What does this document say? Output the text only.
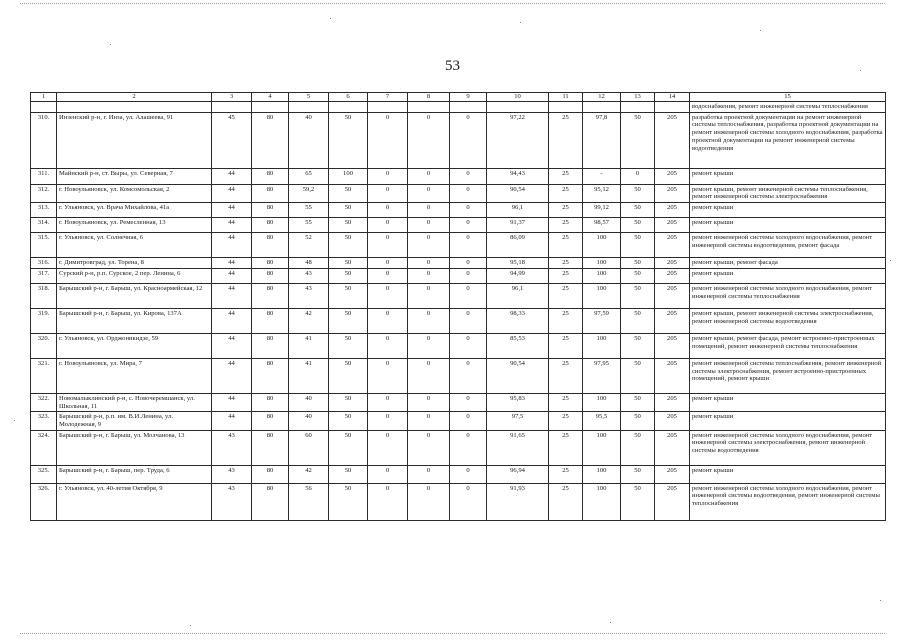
53
1	2	3	4	5	6	7	8	9	10	11	12	13	14	15
														водоснабжения, ремонт инженерной системы теплоснабжения
310.	Инзенский р-н, г. Инза, ул. Алашеева, 91	45	80	40	50	0	0	0	97,22	25	97,8	50	205	разработка проектной документации на ремонт инженерной системы теплоснабжения, разработка проектной документации на ремонт инженерной системы холодного водоснабжения, разработка проектной документации на ремонт инженерной системы водоотведения
311.	Майнский р-н, ст. Выры, ул. Северная, 7	44	80	65	100	0	0	0	94,43	25	-	0	205	ремонт крыши
312.	г. Новоульяновск, ул. Комсомольская, 2	44	80	59,2	50	0	0	0	90,54	25	95,12	50	205	ремонт крыши, ремонт инженерной системы теплоснабжения, ремонт инженерной системы электроснабжения
313.	г. Ульяновск, ул. Врача Михайлова, 41а	44	80	55	50	0	0	0	96,1	25	99,12	50	205	ремонт крыши
314.	г. Новоульяновск, ул. Ремесленная, 13	44	80	55	50	0	0	0	91,37	25	98,57	50	205	ремонт крыши
315.	г. Ульяновск, ул. Солнечная, 6	44	80	52	50	0	0	0	86,09	25	100	50	205	ремонт инженерной системы холодного водоснабжения, ремонт инженерной системы водоотведения, ремонт фасада
316.	г. Димитровград, ул. Торена, 8	44	80	48	50	0	0	0	95,18	25	100	50	205	ремонт крыши, ремонт фасада
317.	Сурский р-н, р.п. Сурское, 2 пер. Ленина, 6	44	80	43	50	0	0	0	94,99	25	100	50	205	ремонт крыши
318.	Барышский р-н, г. Барыш, ул. Красноармейская, 12	44	80	43	50	0	0	0	96,1	25	100	50	205	ремонт инженерной системы холодного водоснабжения, ремонт инженерной системы теплоснабжения
319.	Барышский р-н, г. Барыш, ул. Кирова, 137А	44	80	42	50	0	0	0	98,33	25	97,59	50	205	ремонт крыши, ремонт инженерной системы электроснабжения, ремонт инженерной системы водоотведения
320.	г. Ульяновск, ул. Орджоникидзе, 59	44	80	41	50	0	0	0	85,53	25	100	50	205	ремонт крыши, ремонт фасада, ремонт встроенно-пристроенных помещений, ремонт инженерной системы теплоснабжения
321.	г. Новоульяновск, ул. Мира, 7	44	80	41	50	0	0	0	90,54	25	97,95	50	205	ремонт инженерной системы теплоснабжения, ремонт инженерной системы электроснабжения, ремонт встроенно-пристроенных помещений, ремонт крыши
322.	Новомалыклинский р-н, с. Новочеремшанск, ул. Школьная, 11	44	80	40	50	0	0	0	95,83	25	100	50	205	ремонт крыши
323.	Барышский р-н, р.п. им. В.И.Ленина, ул. Молодежная, 9	44	80	40	50	0	0	0	97,5	25	95,5	50	205	ремонт крыши
324.	Барышский р-н, г. Барыш, ул. Молчанова, 13	43	80	60	50	0	0	0	91,65	25	100	50	205	ремонт инженерной системы холодного водоснабжения, ремонт инженерной системы электроснабжения, ремонт инженерной системы водоотведения
325.	Барышский р-н, г. Барыш, пер. Труда, 6	43	80	42	50	0	0	0	96,94	25	100	50	205	ремонт крыши
326.	г. Ульяновск, ул. 40-летия Октября, 9	43	80	56	50	0	0	0	91,93	25	100	50	205	ремонт инженерной системы холодного водоснабжения, ремонт инженерной системы водоотведения, ремонт инженерной системы теплоснабжения
